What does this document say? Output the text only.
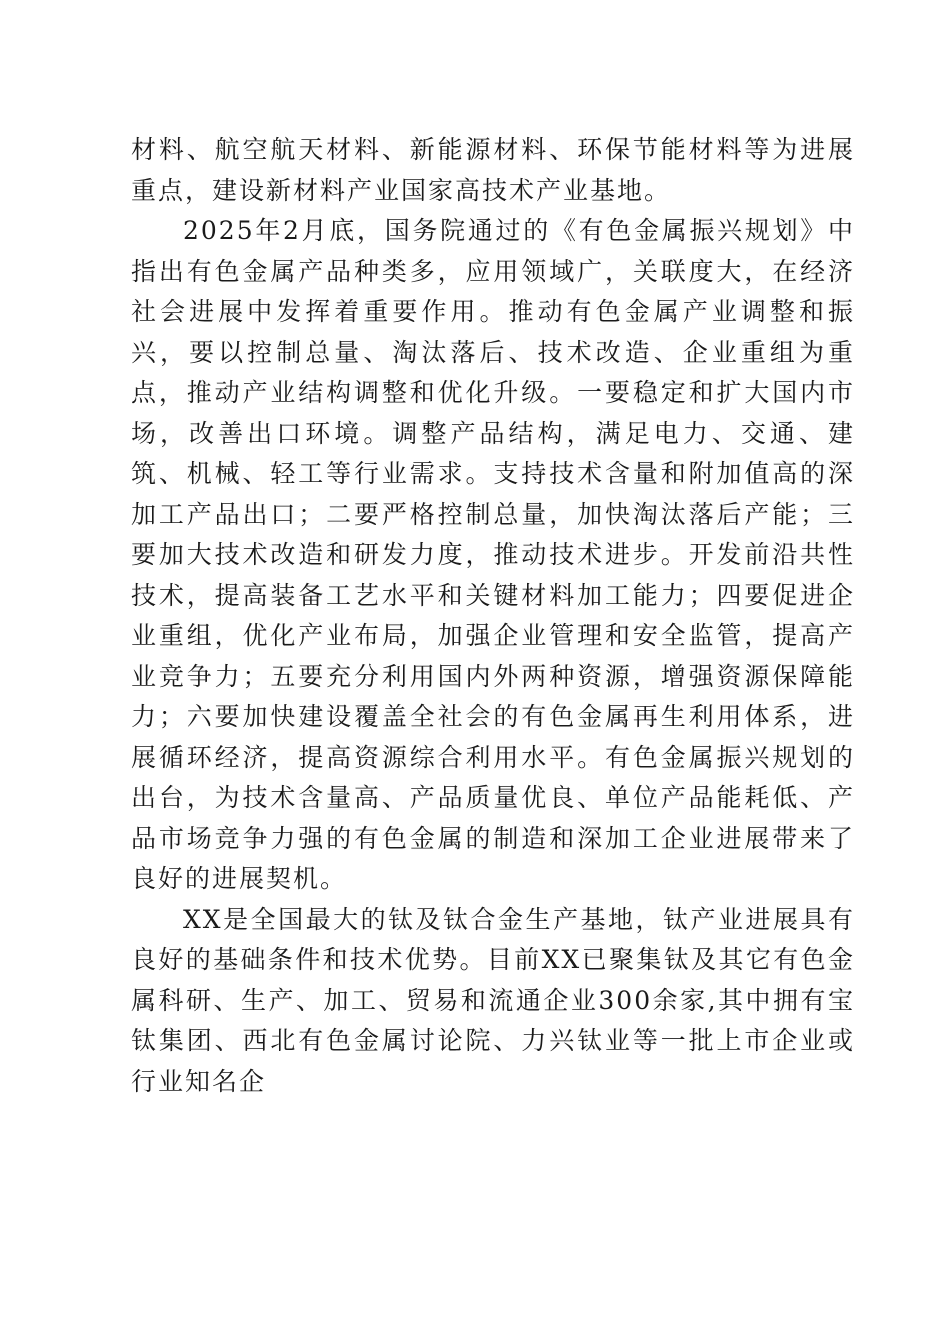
材料、航空航天材料、新能源材料、环保节能材料等为进展重点，建设新材料产业国家高技术产业基地。

2025年2月底，国务院通过的《有色金属振兴规划》中指出有色金属产品种类多，应用领域广，关联度大，在经济社会进展中发挥着重要作用。推动有色金属产业调整和振兴，要以控制总量、淘汰落后、技术改造、企业重组为重点，推动产业结构调整和优化升级。一要稳定和扩大国内市场，改善出口环境。调整产品结构，满足电力、交通、建筑、机械、轻工等行业需求。支持技术含量和附加值高的深加工产品出口；二要严格控制总量，加快淘汰落后产能；三要加大技术改造和研发力度，推动技术进步。开发前沿共性技术，提高装备工艺水平和关键材料加工能力；四要促进企业重组，优化产业布局，加强企业管理和安全监管，提高产业竞争力；五要充分利用国内外两种资源，增强资源保障能力；六要加快建设覆盖全社会的有色金属再生利用体系，进展循环经济，提高资源综合利用水平。有色金属振兴规划的出台，为技术含量高、产品质量优良、单位产品能耗低、产品市场竞争力强的有色金属的制造和深加工企业进展带来了良好的进展契机。

XX是全国最大的钛及钛合金生产基地，钛产业进展具有良好的基础条件和技术优势。目前XX已聚集钛及其它有色金属科研、生产、加工、贸易和流通企业300余家,其中拥有宝钛集团、西北有色金属讨论院、力兴钛业等一批上市企业或行业知名企
